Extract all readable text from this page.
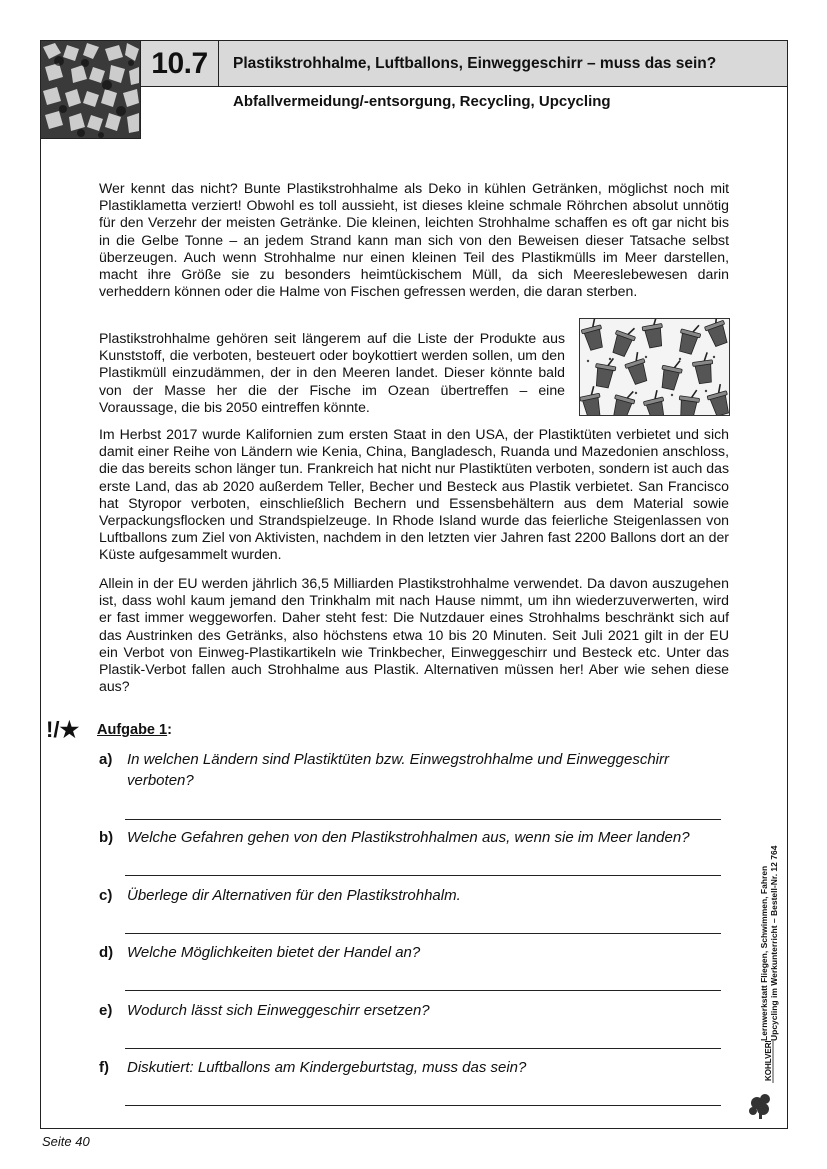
10.7	Plastikstrohhalme, Luftballons, Einweggeschirr – muss das sein?
Abfallvermeidung/-entsorgung, Recycling, Upcycling

Wer kennt das nicht? Bunte Plastikstrohhalme als Deko in kühlen Getränken, möglichst noch mit Plastiklametta verziert! Obwohl es toll aussieht, ist dieses kleine schmale Röhrchen absolut unnötig für den Verzehr der meisten Getränke. Die kleinen, leichten Strohhalme schaffen es oft gar nicht bis in die Gelbe Tonne – an jedem Strand kann man sich von den Beweisen dieser Tatsache selbst überzeugen. Auch wenn Strohhalme nur einen kleinen Teil des Plastikmülls im Meer darstellen, macht ihre Größe sie zu besonders heimtückischem Müll, da sich Meereslebewesen darin verheddern können oder die Halme von Fischen gefressen werden, die daran sterben.

Plastikstrohhalme gehören seit längerem auf die Liste der Produkte aus Kunststoff, die verboten, besteuert oder boykottiert werden sollen, um den Plastikmüll einzudämmen, der in den Meeren landet. Dieser könnte bald von der Masse her die der Fische im Ozean übertreffen – eine Voraussage, die bis 2050 eintreffen könnte.

Im Herbst 2017 wurde Kalifornien zum ersten Staat in den USA, der Plastiktüten verbietet und sich damit einer Reihe von Ländern wie Kenia, China, Bangladesch, Ruanda und Mazedonien anschloss, die das bereits schon länger tun. Frankreich hat nicht nur Plastiktüten verboten, sondern ist auch das erste Land, das ab 2020 außerdem Teller, Becher und Besteck aus Plastik verbietet. San Francisco hat Styropor verboten, einschließlich Bechern und Essensbehältern aus dem Material sowie Verpackungsflocken und Strandspielzeuge. In Rhode Island wurde das feierliche Steigenlassen von Luftballons zum Ziel von Aktivisten, nachdem in den letzten vier Jahren fast 2200 Ballons dort an der Küste aufgesammelt wurden.

Allein in der EU werden jährlich 36,5 Milliarden Plastikstrohhalme verwendet. Da davon auszugehen ist, dass wohl kaum jemand den Trinkhalm mit nach Hause nimmt, um ihn wiederzuverwerten, wird er fast immer weggeworfen. Daher steht fest: Die Nutzdauer eines Strohhalms beschränkt sich auf das Austrinken des Getränks, also höchstens etwa 10 bis 20 Minuten. Seit Juli 2021 gilt in der EU ein Verbot von Einweg-Plastikartikeln wie Trinkbecher, Einweggeschirr und Besteck etc. Unter das Plastik-Verbot fallen auch Strohhalme aus Plastik. Alternativen müssen her! Aber wie sehen diese aus?

!/★ Aufgabe 1:
a) In welchen Ländern sind Plastiktüten bzw. Einwegstrohhalme und Einweggeschirr verboten?
b) Welche Gefahren gehen von den Plastikstrohhalmen aus, wenn sie im Meer landen?
c) Überlege dir Alternativen für den Plastikstrohhalm.
d) Welche Möglichkeiten bietet der Handel an?
e) Wodurch lässt sich Einweggeschirr ersetzen?
f) Diskutiert: Luftballons am Kindergeburtstag, muss das sein?
Lernwerkstatt Fliegen, Schwimmen, Fahren Upcycling im Werkunterricht – Bestell-Nr. 12 764
KOHLVERLAG
Seite 40
